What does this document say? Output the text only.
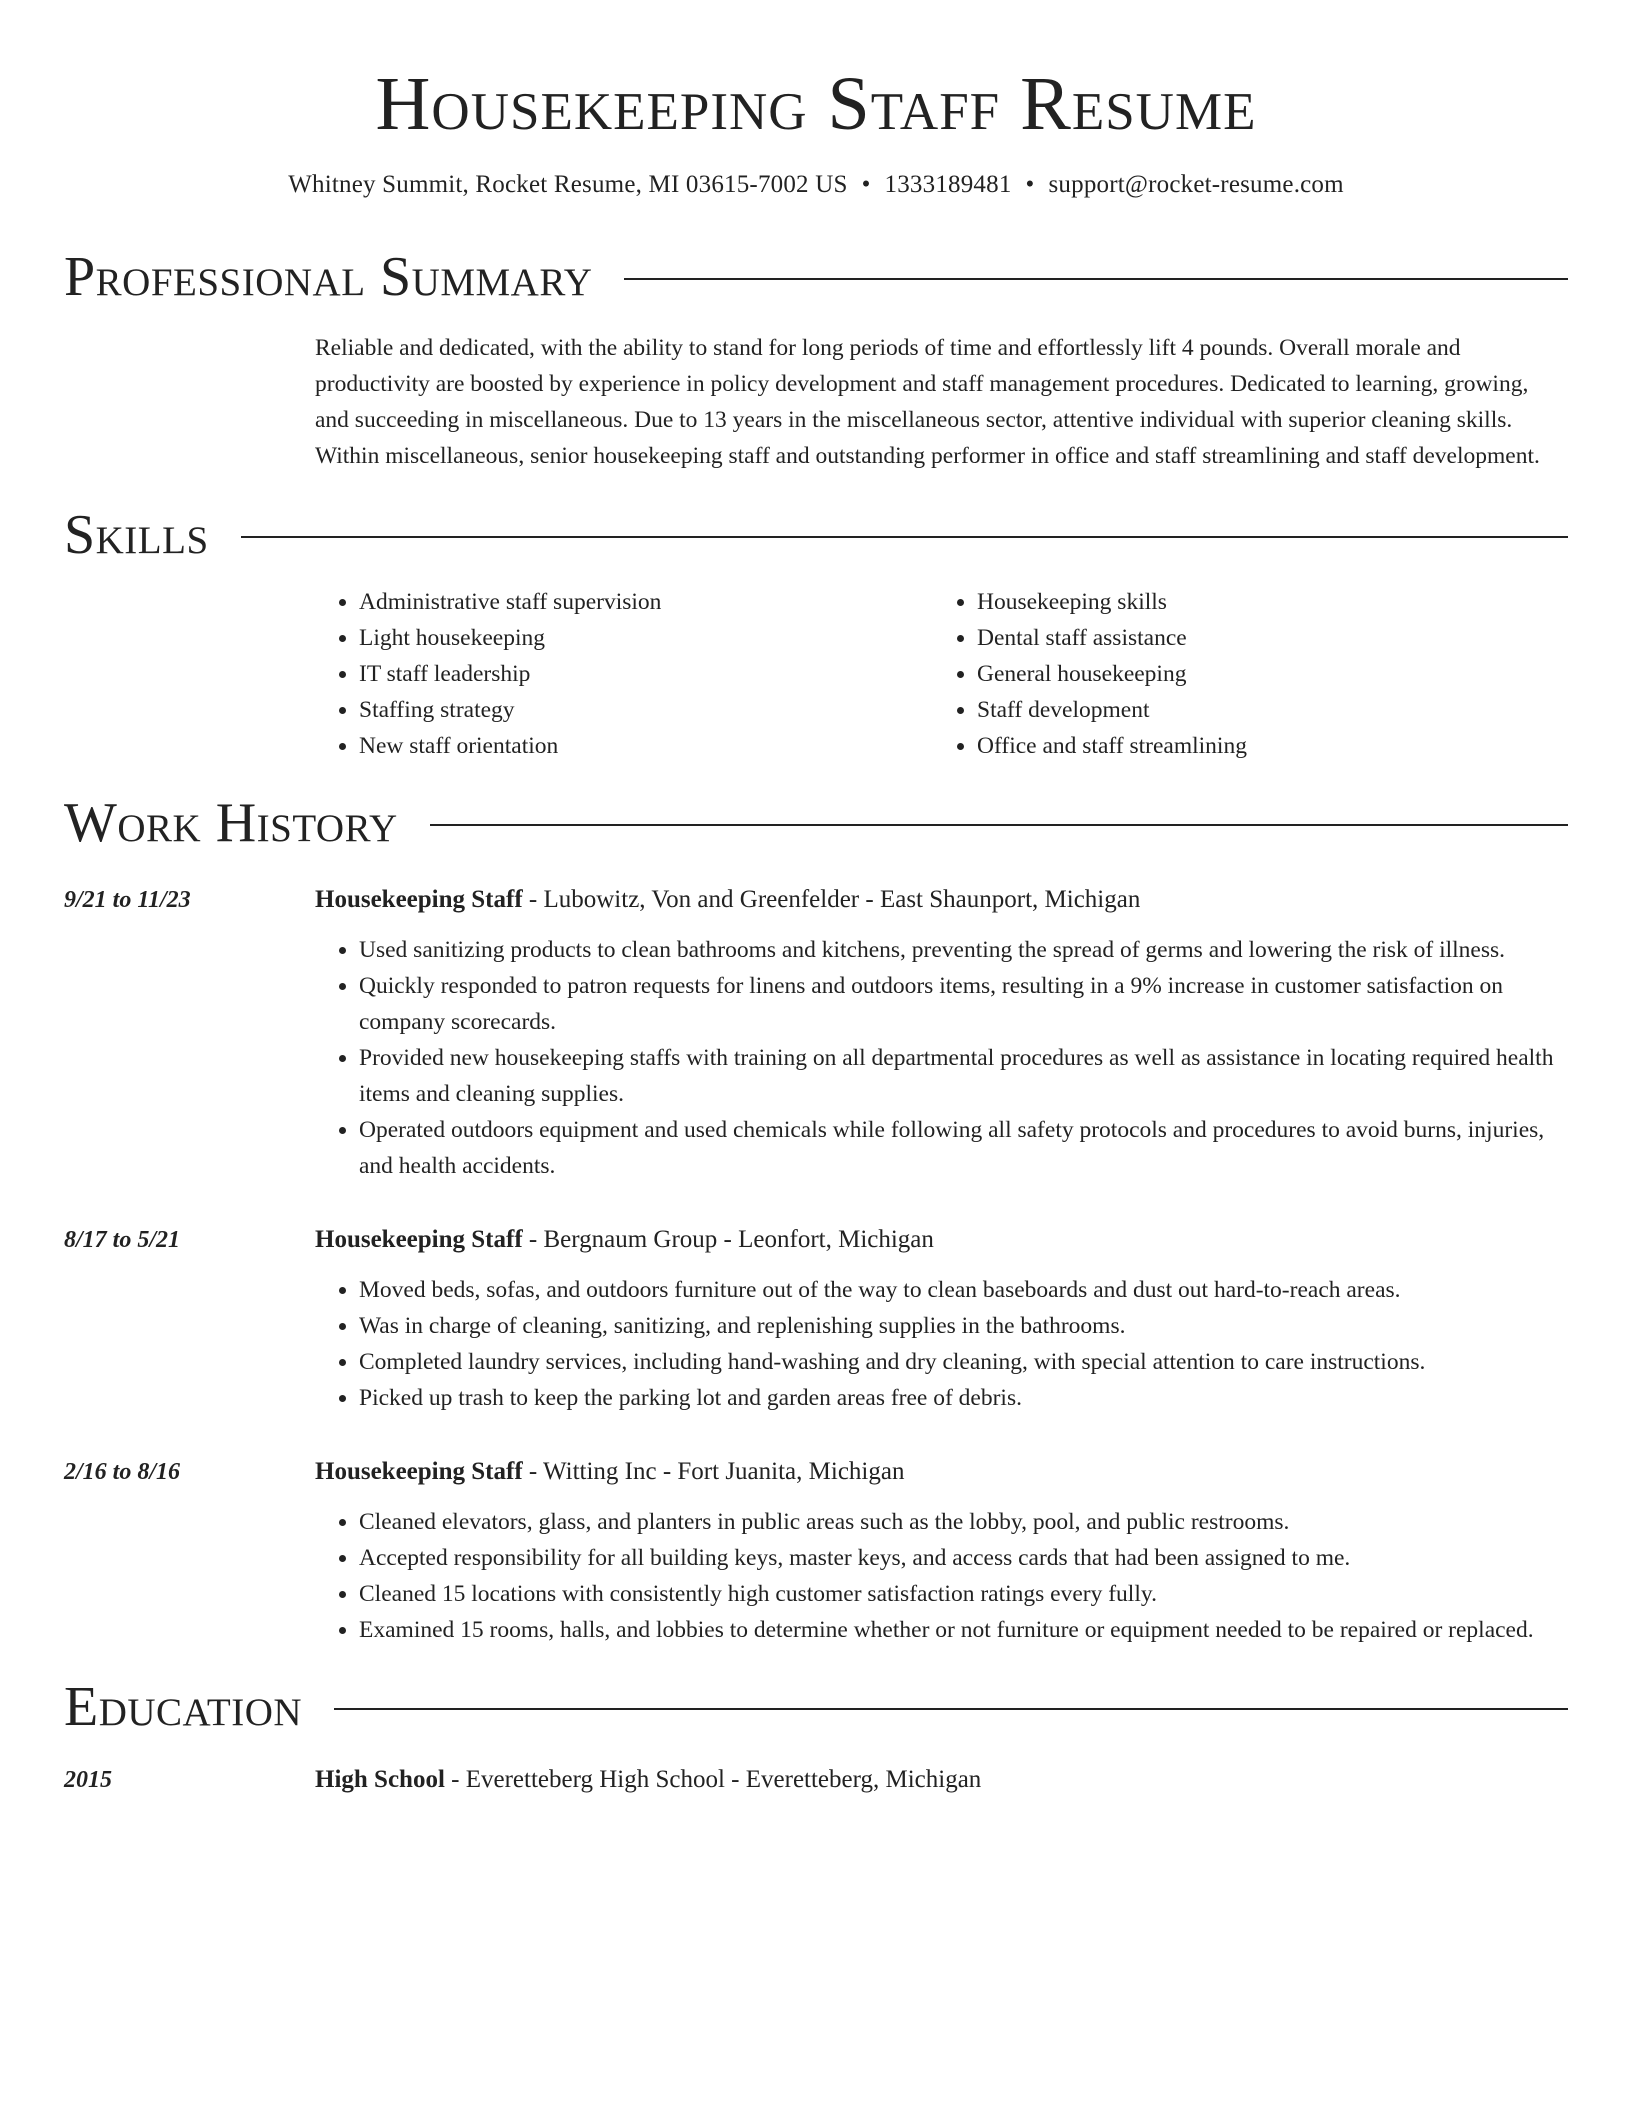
Housekeeping Staff Resume
Whitney Summit, Rocket Resume, MI 03615-7002 US • 1333189481 • support@rocket-resume.com
Professional Summary
Reliable and dedicated, with the ability to stand for long periods of time and effortlessly lift 4 pounds. Overall morale and productivity are boosted by experience in policy development and staff management procedures. Dedicated to learning, growing, and succeeding in miscellaneous. Due to 13 years in the miscellaneous sector, attentive individual with superior cleaning skills. Within miscellaneous, senior housekeeping staff and outstanding performer in office and staff streamlining and staff development.
Skills
• Administrative staff supervision
• Light housekeeping
• IT staff leadership
• Staffing strategy
• New staff orientation
• Housekeeping skills
• Dental staff assistance
• General housekeeping
• Staff development
• Office and staff streamlining
Work History
9/21 to 11/23	Housekeeping Staff - Lubowitz, Von and Greenfelder - East Shaunport, Michigan
• Used sanitizing products to clean bathrooms and kitchens, preventing the spread of germs and lowering the risk of illness.
• Quickly responded to patron requests for linens and outdoors items, resulting in a 9% increase in customer satisfaction on company scorecards.
• Provided new housekeeping staffs with training on all departmental procedures as well as assistance in locating required health items and cleaning supplies.
• Operated outdoors equipment and used chemicals while following all safety protocols and procedures to avoid burns, injuries, and health accidents.
8/17 to 5/21	Housekeeping Staff - Bergnaum Group - Leonfort, Michigan
• Moved beds, sofas, and outdoors furniture out of the way to clean baseboards and dust out hard-to-reach areas.
• Was in charge of cleaning, sanitizing, and replenishing supplies in the bathrooms.
• Completed laundry services, including hand-washing and dry cleaning, with special attention to care instructions.
• Picked up trash to keep the parking lot and garden areas free of debris.
2/16 to 8/16	Housekeeping Staff - Witting Inc - Fort Juanita, Michigan
• Cleaned elevators, glass, and planters in public areas such as the lobby, pool, and public restrooms.
• Accepted responsibility for all building keys, master keys, and access cards that had been assigned to me.
• Cleaned 15 locations with consistently high customer satisfaction ratings every fully.
• Examined 15 rooms, halls, and lobbies to determine whether or not furniture or equipment needed to be repaired or replaced.
Education
2015	High School - Everetteberg High School - Everetteberg, Michigan
